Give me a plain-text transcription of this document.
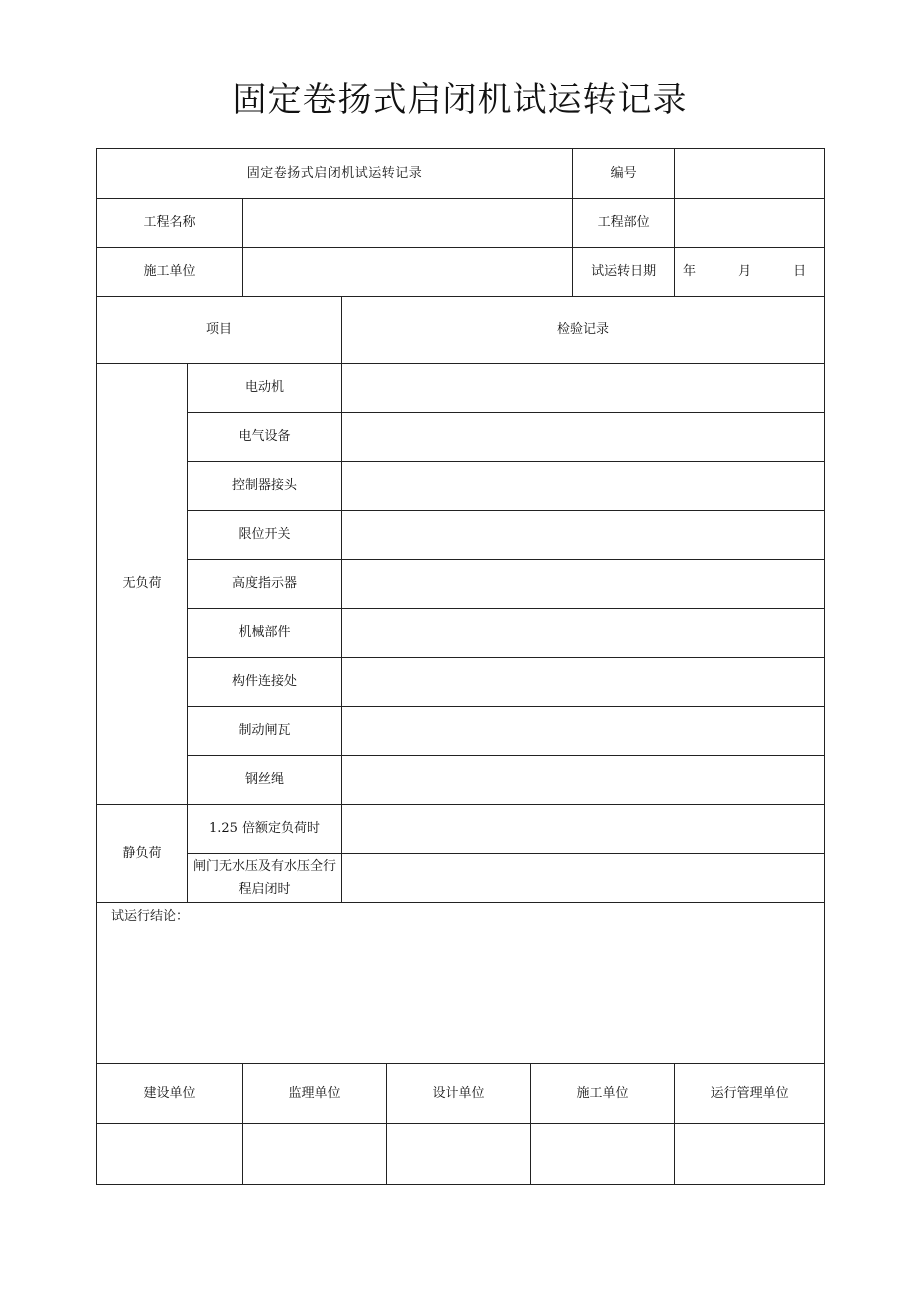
固定卷扬式启闭机试运转记录
固定卷扬式启闭机试运转记录						编号	
工程名称						工程部位	
施工单位						试运转日期	年 月 日
项目			检验记录				
无负荷	电动机						
	电气设备						
	控制器接头						
	限位开关						
	高度指示器						
	机械部件						
	构件连接处						
	制动闸瓦						
	钢丝绳						
静负荷	1.25 倍额定负荷时						
	闸门无水压及有水压全行程启闭时						
试运行结论：							

建设单位		监理单位		设计单位	施工单位		运行管理单位
